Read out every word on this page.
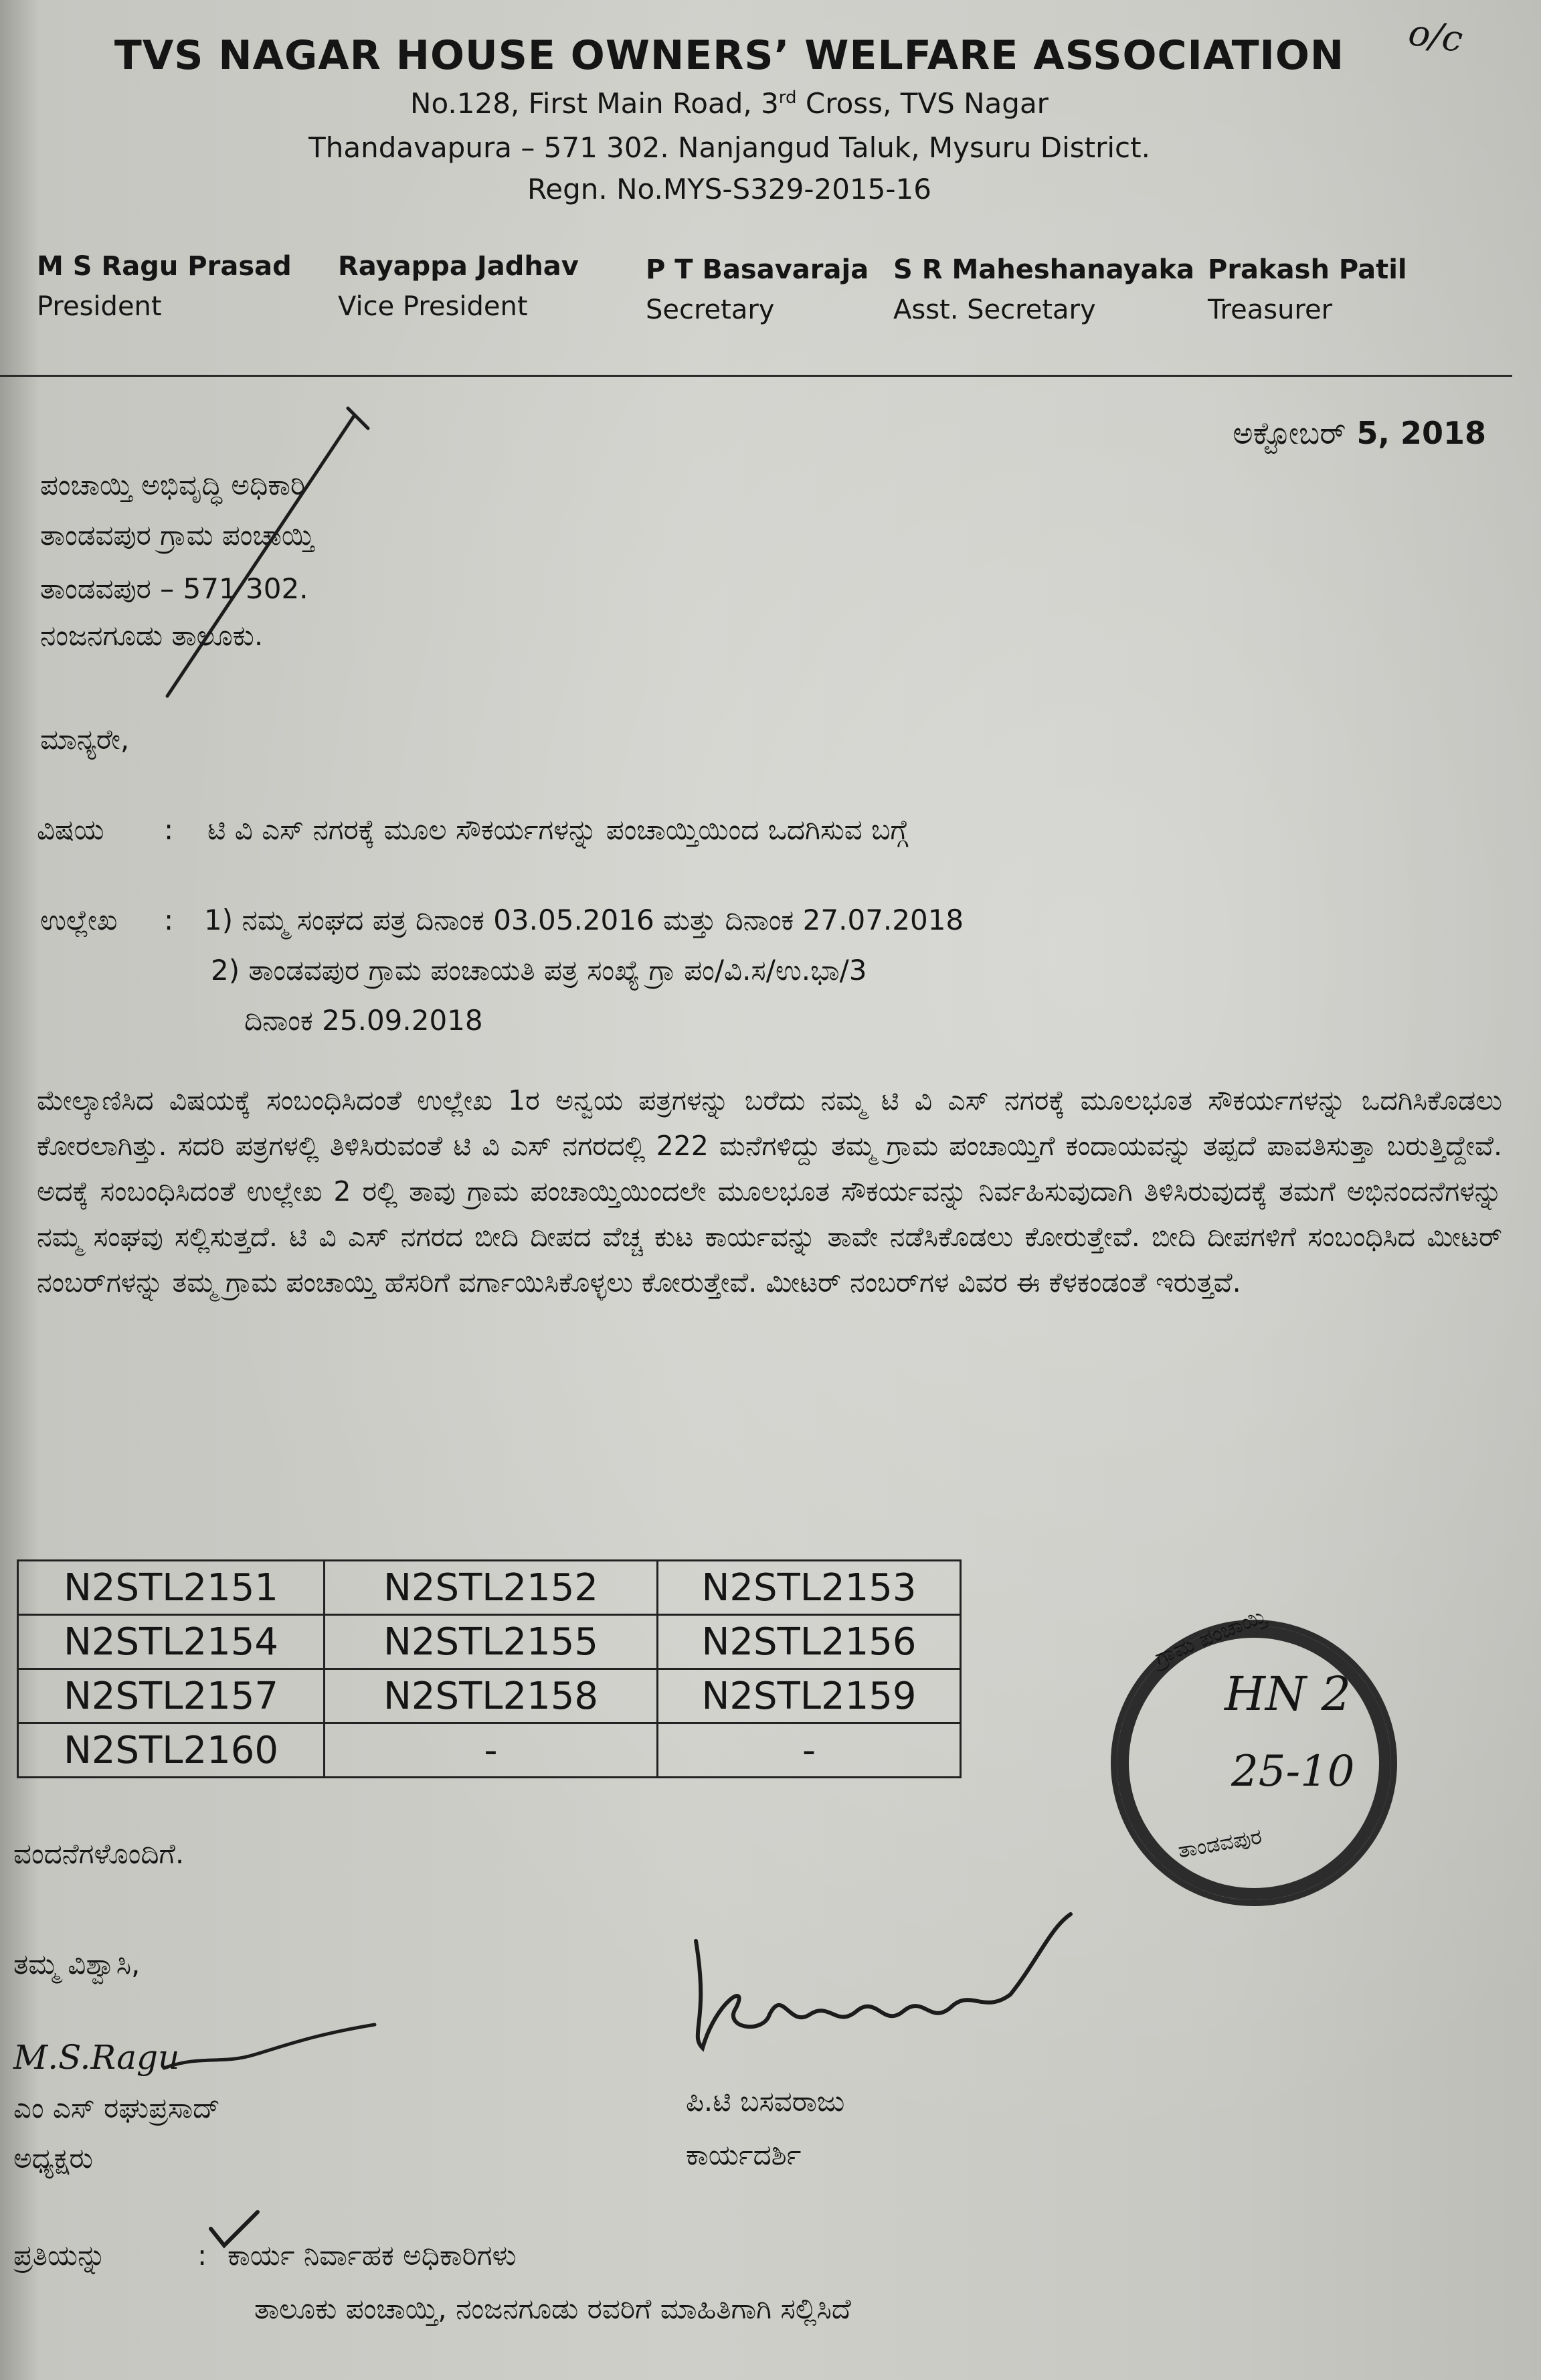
o/c
TVS NAGAR HOUSE OWNERS’ WELFARE ASSOCIATION
No.128, First Main Road, 3rd Cross, TVS Nagar
Thandavapura – 571 302. Nanjangud Taluk, Mysuru District.
Regn. No.MYS-S329-2015-16
M S Ragu Prasad
President
Rayappa Jadhav
Vice President
P T Basavaraja
Secretary
S R Maheshanayaka
Asst. Secretary
Prakash Patil
Treasurer
ಅಕ್ಟೋಬರ್ 5, 2018
ಪಂಚಾಯ್ತಿ ಅಭಿವೃದ್ಧಿ ಅಧಿಕಾರಿ
ತಾಂಡವಪುರ ಗ್ರಾಮ ಪಂಚಾಯ್ತಿ
ತಾಂಡವಪುರ – 571 302.
ನಂಜನಗೂಡು ತಾಲೂಕು.
ಮಾನ್ಯರೇ,
ವಿಷಯ : ಟಿ ವಿ ಎಸ್ ನಗರಕ್ಕೆ ಮೂಲ ಸೌಕರ್ಯಗಳನ್ನು ಪಂಚಾಯ್ತಿಯಿಂದ ಒದಗಿಸುವ ಬಗ್ಗೆ
ಉಲ್ಲೇಖ : 1) ನಮ್ಮ ಸಂಘದ ಪತ್ರ ದಿನಾಂಕ 03.05.2016 ಮತ್ತು ದಿನಾಂಕ 27.07.2018
2) ತಾಂಡವಪುರ ಗ್ರಾಮ ಪಂಚಾಯತಿ ಪತ್ರ ಸಂಖ್ಯೆ ಗ್ರಾ ಪಂ/ವಿ.ಸ/ಉ.ಭಾ/3
ದಿನಾಂಕ 25.09.2018
ಮೇಲ್ಕಾಣಿಸಿದ ವಿಷಯಕ್ಕೆ ಸಂಬಂಧಿಸಿದಂತೆ ಉಲ್ಲೇಖ 1ರ ಅನ್ವಯ ಪತ್ರಗಳನ್ನು ಬರೆದು ನಮ್ಮ ಟಿ ವಿ ಎಸ್ ನಗರಕ್ಕೆ ಮೂಲಭೂತ ಸೌಕರ್ಯಗಳನ್ನು ಒದಗಿಸಿಕೊಡಲು ಕೋರಲಾಗಿತ್ತು. ಸದರಿ ಪತ್ರಗಳಲ್ಲಿ ತಿಳಿಸಿರುವಂತೆ ಟಿ ವಿ ಎಸ್ ನಗರದಲ್ಲಿ 222 ಮನೆಗಳಿದ್ದು ತಮ್ಮ ಗ್ರಾಮ ಪಂಚಾಯ್ತಿಗೆ ಕಂದಾಯವನ್ನು ತಪ್ಪದೆ ಪಾವತಿಸುತ್ತಾ ಬರುತ್ತಿದ್ದೇವೆ. ಅದಕ್ಕೆ ಸಂಬಂಧಿಸಿದಂತೆ ಉಲ್ಲೇಖ 2 ರಲ್ಲಿ ತಾವು ಗ್ರಾಮ ಪಂಚಾಯ್ತಿಯಿಂದಲೇ ಮೂಲಭೂತ ಸೌಕರ್ಯವನ್ನು ನಿರ್ವಹಿಸುವುದಾಗಿ ತಿಳಿಸಿರುವುದಕ್ಕೆ ತಮಗೆ ಅಭಿನಂದನೆಗಳನ್ನು ನಮ್ಮ ಸಂಘವು ಸಲ್ಲಿಸುತ್ತದೆ. ಟಿ ವಿ ಎಸ್ ನಗರದ ಬೀದಿ ದೀಪದ ವೆಚ್ಚ ಕುಟ ಕಾರ್ಯವನ್ನು ತಾವೇ ನಡೆಸಿಕೊಡಲು ಕೋರುತ್ತೇವೆ. ಬೀದಿ ದೀಪಗಳಿಗೆ ಸಂಬಂಧಿಸಿದ ಮೀಟರ್ ನಂಬರ್‌ಗಳನ್ನು ತಮ್ಮ ಗ್ರಾಮ ಪಂಚಾಯ್ತಿ ಹೆಸರಿಗೆ ವರ್ಗಾಯಿಸಿಕೊಳ್ಳಲು ಕೋರುತ್ತೇವೆ. ಮೀಟರ್ ನಂಬರ್‌ಗಳ ವಿವರ ಈ ಕೆಳಕಂಡಂತೆ ಇರುತ್ತವೆ.
N2STL2151	N2STL2152	N2STL2153
N2STL2154	N2STL2155	N2STL2156
N2STL2157	N2STL2158	N2STL2159
N2STL2160	-	-
ಗ್ರಾಮ ಪಂಚಾಯ್ತಿ
ತಾಂಡವಪುರ
HN 2
25-10
ವಂದನೆಗಳೊಂದಿಗೆ.
ತಮ್ಮ ವಿಶ್ವಾಸಿ,
M.S.Ragu
ಎಂ ಎಸ್ ರಘುಪ್ರಸಾದ್
ಅಧ್ಯಕ್ಷರು
ಪಿ.ಟಿ ಬಸವರಾಜು
ಕಾರ್ಯದರ್ಶಿ
ಪ್ರತಿಯನ್ನು	: ಕಾರ್ಯ ನಿರ್ವಾಹಕ ಅಧಿಕಾರಿಗಳು
ತಾಲೂಕು ಪಂಚಾಯ್ತಿ, ನಂಜನಗೂಡು ರವರಿಗೆ ಮಾಹಿತಿಗಾಗಿ ಸಲ್ಲಿಸಿದೆ
